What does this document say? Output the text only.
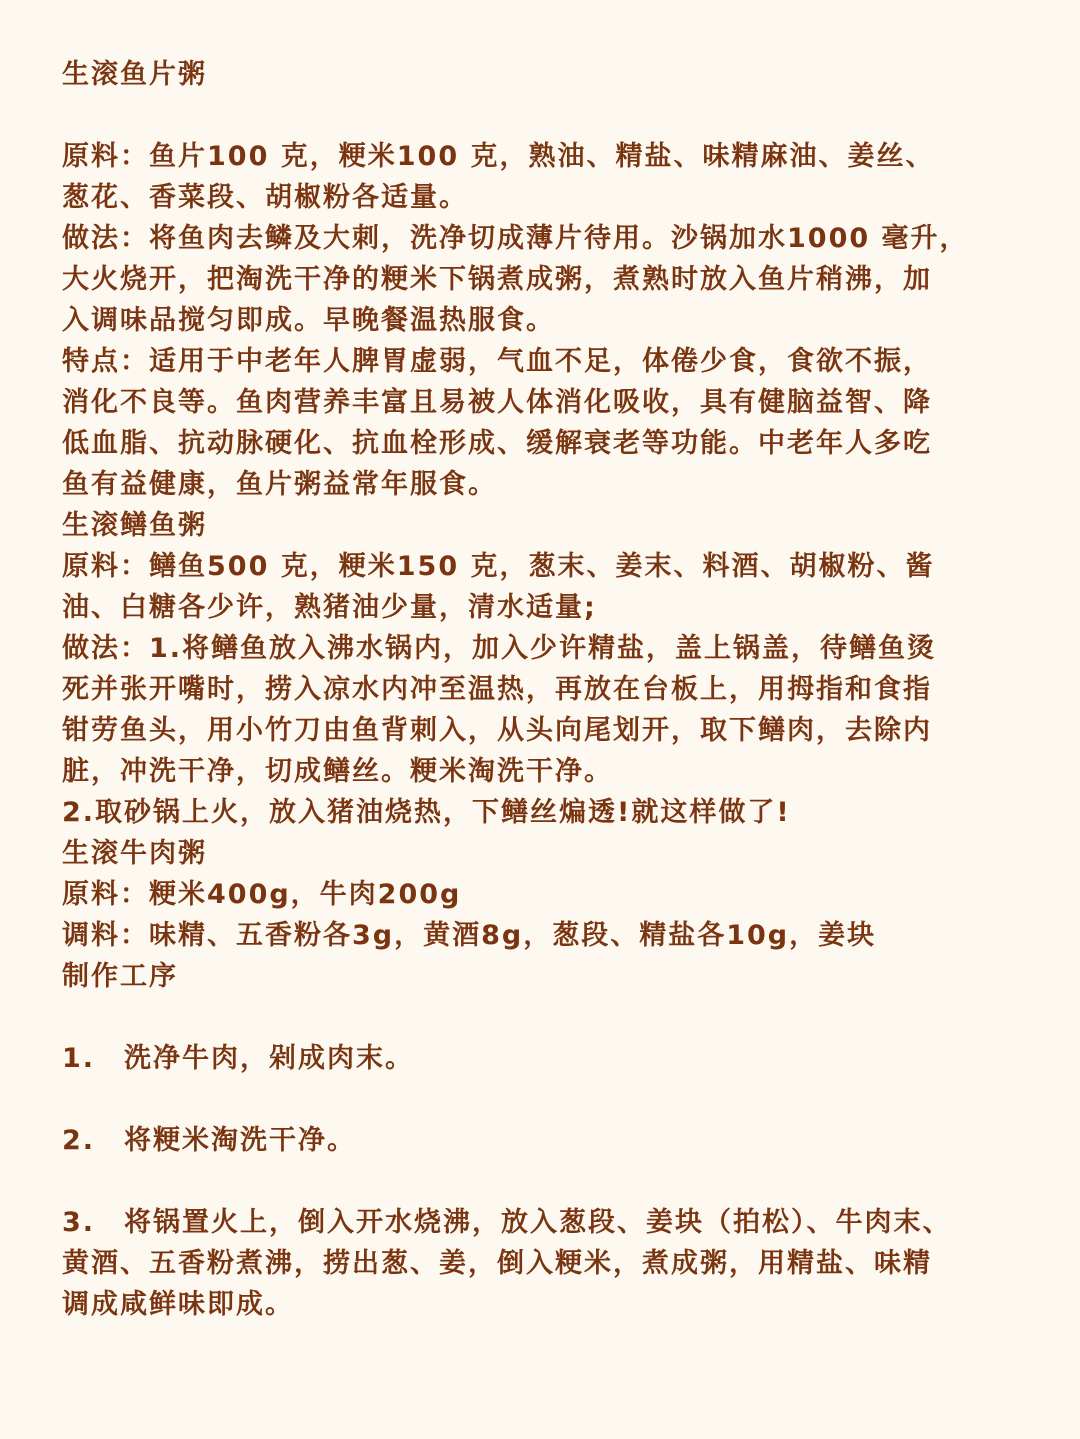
生滚鱼片粥
原料：鱼片100 克，粳米100 克，熟油、精盐、味精麻油、姜丝、
葱花、香菜段、胡椒粉各适量。
做法：将鱼肉去鳞及大刺，洗净切成薄片待用。沙锅加水1000 毫升，
大火烧开，把淘洗干净的粳米下锅煮成粥，煮熟时放入鱼片稍沸，加
入调味品搅匀即成。早晚餐温热服食。
特点：适用于中老年人脾胃虚弱，气血不足，体倦少食，食欲不振，
消化不良等。鱼肉营养丰富且易被人体消化吸收，具有健脑益智、降
低血脂、抗动脉硬化、抗血栓形成、缓解衰老等功能。中老年人多吃
鱼有益健康，鱼片粥益常年服食。
生滚鳝鱼粥
原料：鳝鱼500 克，粳米150 克，葱末、姜末、料酒、胡椒粉、酱
油、白糖各少许，熟猪油少量，清水适量;
做法：1.将鳝鱼放入沸水锅内，加入少许精盐，盖上锅盖，待鳝鱼烫
死并张开嘴时，捞入凉水内冲至温热，再放在台板上，用拇指和食指
钳劳鱼头，用小竹刀由鱼背刺入，从头向尾划开，取下鳝肉，去除内
脏，冲洗干净，切成鳝丝。粳米淘洗干净。
2.取砂锅上火，放入猪油烧热，下鳝丝煸透!就这样做了!
生滚牛肉粥
原料：粳米400g，牛肉200g
调料：味精、五香粉各3g，黄酒8g，葱段、精盐各10g，姜块
制作工序
1.　洗净牛肉，剁成肉末。
2.　将粳米淘洗干净。
3.　将锅置火上，倒入开水烧沸，放入葱段、姜块（拍松）、牛肉末、
黄酒、五香粉煮沸，捞出葱、姜，倒入粳米，煮成粥，用精盐、味精
调成咸鲜味即成。
